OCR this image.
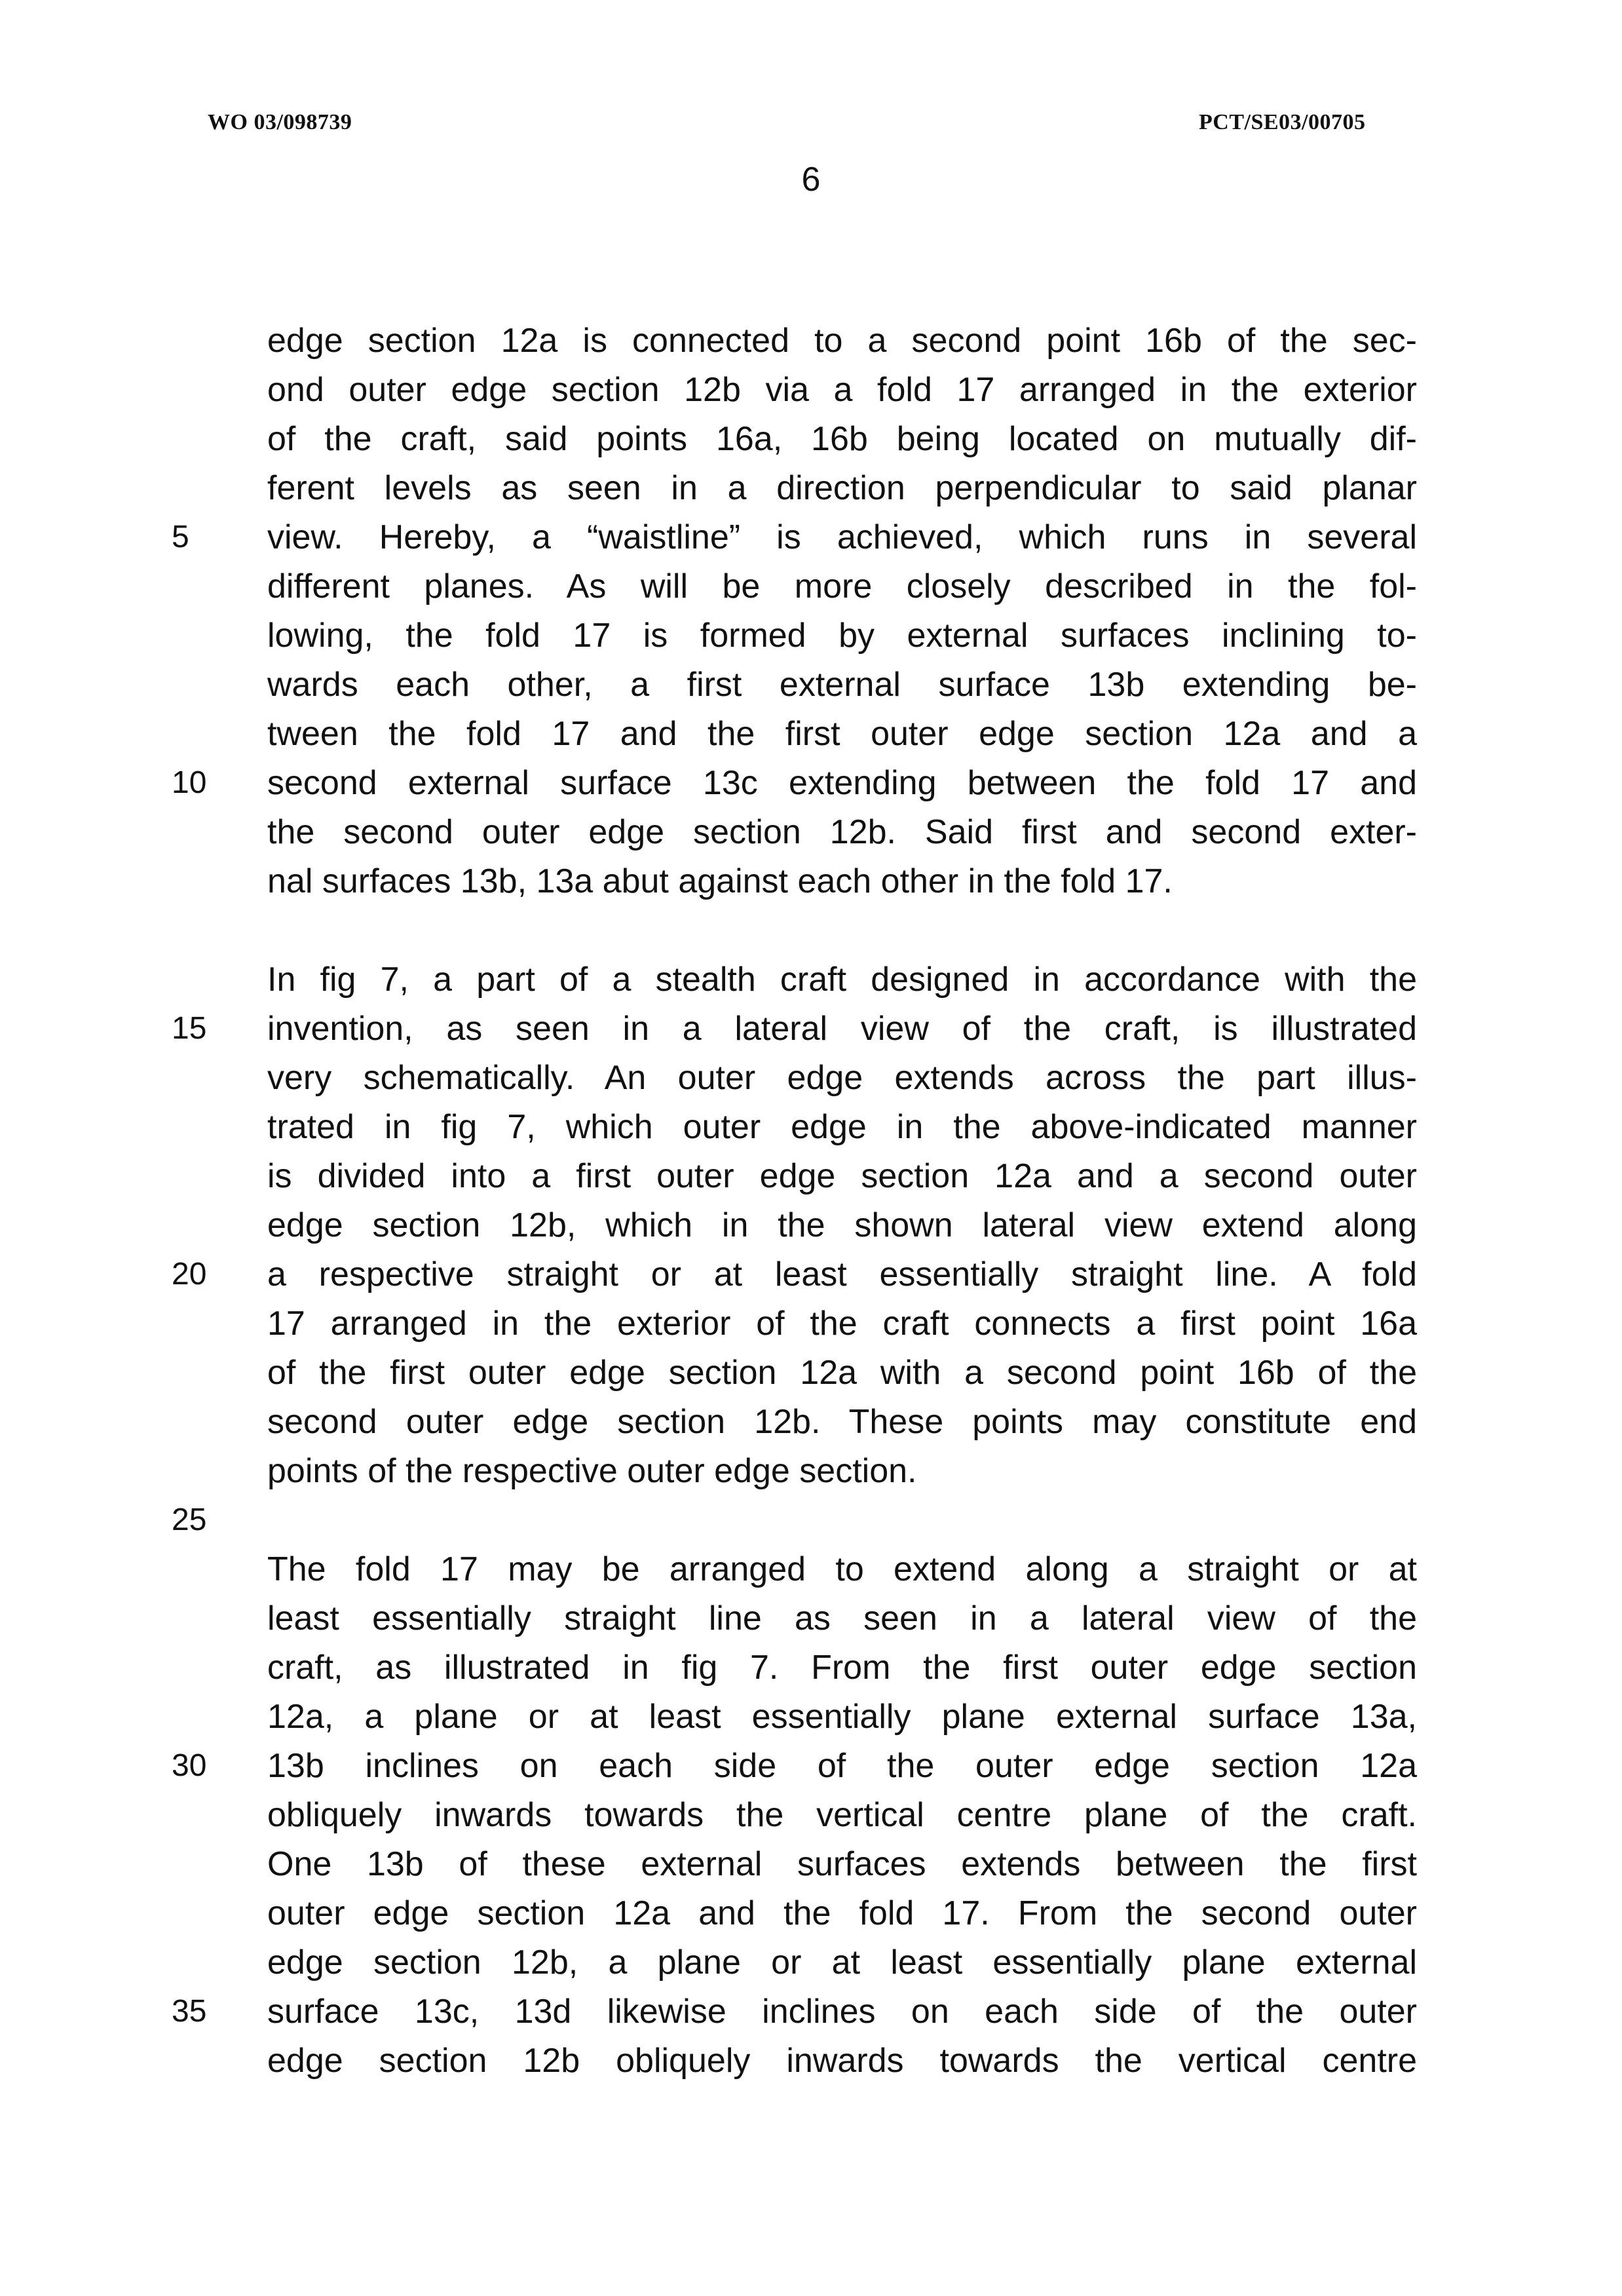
WO 03/098739	PCT/SE03/00705
6
edge section 12a is connected to a second point 16b of the sec-
ond outer edge section 12b via a fold 17 arranged in the exterior
of the craft, said points 16a, 16b being located on mutually dif-
ferent levels as seen in a direction perpendicular to said planar
view. Hereby, a “waistline” is achieved, which runs in several
different planes. As will be more closely described in the fol-
lowing, the fold 17 is formed by external surfaces inclining to-
wards each other, a first external surface 13b extending be-
tween the fold 17 and the first outer edge section 12a and a
second external surface 13c extending between the fold 17 and
the second outer edge section 12b. Said first and second exter-
nal surfaces 13b, 13a abut against each other in the fold 17.
In fig 7, a part of a stealth craft designed in accordance with the
invention, as seen in a lateral view of the craft, is illustrated
very schematically. An outer edge extends across the part illus-
trated in fig 7, which outer edge in the above-indicated manner
is divided into a first outer edge section 12a and a second outer
edge section 12b, which in the shown lateral view extend along
a respective straight or at least essentially straight line. A fold
17 arranged in the exterior of the craft connects a first point 16a
of the first outer edge section 12a with a second point 16b of the
second outer edge section 12b. These points may constitute end
points of the respective outer edge section.
The fold 17 may be arranged to extend along a straight or at
least essentially straight line as seen in a lateral view of the
craft, as illustrated in fig 7. From the first outer edge section
12a, a plane or at least essentially plane external surface 13a,
13b inclines on each side of the outer edge section 12a
obliquely inwards towards the vertical centre plane of the craft.
One 13b of these external surfaces extends between the first
outer edge section 12a and the fold 17. From the second outer
edge section 12b, a plane or at least essentially plane external
surface 13c, 13d likewise inclines on each side of the outer
edge section 12b obliquely inwards towards the vertical centre
5
10
15
20
25
30
35
